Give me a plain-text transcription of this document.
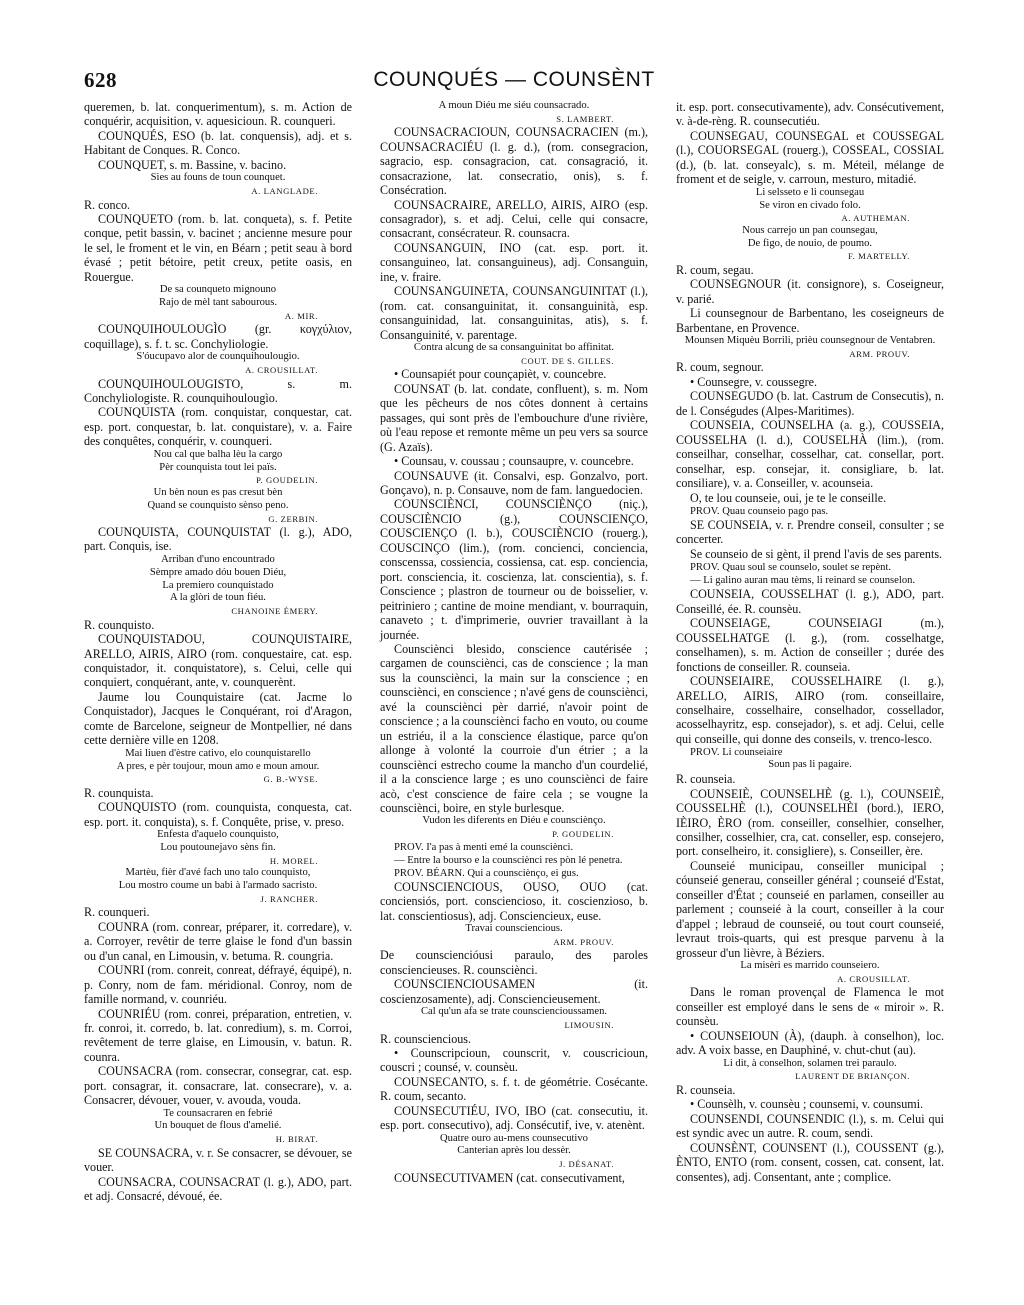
628	COUNQUÉS — COUNSÈNT

queremen, b. lat. conquerimentum), s. m. Action de conquérir, acquisition, v. aquesicioun. R. counqueri.

COUNQUÉS, ESO (b. lat. conquensis), adj. et s. Habitant de Conques. R. Conco.

COUNQUET, s. m. Bassine, v. bacino.

Sies au founs de toun counquet.

A. LANGLADE.

R. conco.

COUNQUETO (rom. b. lat. conqueta), s. f. Petite conque, petit bassin, v. bacinet ; ancienne mesure pour le sel, le froment et le vin, en Béarn ; petit seau à bord évasé ; petit bétoire, petit creux, petite oasis, en Rouergue.

De sa counqueto mignouno

Rajo de mèl tant sabourous.

A. MIR.

COUNQUIHOULOUGÌO (gr. κογχύλιον, coquillage), s. f. t. sc. Conchyliologie.

S'óucupavo alor de counquihoulougìo.

A. CROUSILLAT.

COUNQUIHOULOUGISTO, s. m. Conchyliologiste. R. counquihoulougìo.

COUNQUISTA (rom. conquistar, conquestar, cat. esp. port. conquestar, b. lat. conquistare), v. a. Faire des conquêtes, conquérir, v. counqueri.

Nou cal que balha lèu la cargo

Pèr counquista tout lei païs.

P. GOUDELIN.

Un bèn noun es pas cresut bèn

Quand se counquisto sènso peno.

G. ZERBIN.

COUNQUISTA, COUNQUISTAT (l. g.), ADO, part. Conquis, ise.

Arriban d'uno encountrado

Sèmpre amado dóu bouen Diéu,

La premiero counquistado

A la glòri de toun fiéu.

CHANOINE ÉMERY.

R. counquisto.

COUNQUISTADOU, COUNQUISTAIRE, ARELLO, AIRIS, AIRO (rom. conquestaire, cat. esp. conquistador, it. conquistatore), s. Celui, celle qui conquiert, conquérant, ante, v. counquerènt.

Jaume lou Counquistaire (cat. Jacme lo Conquistador), Jacques le Conquérant, roi d'Aragon, comte de Barcelone, seigneur de Montpellier, né dans cette dernière ville en 1208.

Mai liuen d'èstre cativo, elo counquistarello

A pres, e pèr toujour, moun amo e moun amour.

G. B.-WYSE.

R. counquista.

COUNQUISTO (rom. counquista, conquesta, cat. esp. port. it. conquista), s. f. Conquête, prise, v. preso.

Enfesta d'aquelo counquisto,

Lou poutounejavo sèns fin.

H. MOREL.

Martèu, fièr d'avé fach uno talo counquisto,

Lou mostro coume un babi à l'armado sacristo.

J. RANCHER.

R. counqueri.

COUNRA (rom. conrear, préparer, it. corredare), v. a. Corroyer, revêtir de terre glaise le fond d'un bassin ou d'un canal, en Limousin, v. betuma. R. coungria.

COUNRI (rom. conreit, conreat, défrayé, équipé), n. p. Conry, nom de fam. méridional. Conroy, nom de famille normand, v. counriéu.

COUNRIÉU (rom. conrei, préparation, entretien, v. fr. conroi, it. corredo, b. lat. conredium), s. m. Corroi, revêtement de terre glaise, en Limousin, v. batun. R. counra.

COUNSACRA (rom. consecrar, consegrar, cat. esp. port. consagrar, it. consacrare, lat. consecrare), v. a. Consacrer, dévouer, vouer, v. avouda, vouda.

Te counsacraren en febrié

Un bouquet de flous d'amelié.

H. BIRAT.

SE COUNSACRA, v. r. Se consacrer, se dévouer, se vouer.

COUNSACRA, COUNSACRAT (l. g.), ADO, part. et adj. Consacré, dévoué, ée.

A moun Diéu me siéu counsacrado.

S. LAMBERT.

COUNSACRACIOUN, COUNSACRACIEN (m.), COUNSACRACIÉU (l. g. d.), (rom. consegracion, sagracio, esp. consagracion, cat. consagració, it. consacrazione, lat. consecratio, onis), s. f. Consécration.

COUNSACRAIRE, ARELLO, AIRIS, AIRO (esp. consagrador), s. et adj. Celui, celle qui consacre, consacrant, consécrateur. R. counsacra.

COUNSANGUIN, INO (cat. esp. port. it. consanguineo, lat. consanguineus), adj. Consanguin, ine, v. fraire.

COUNSANGUINETA, COUNSANGUINITAT (l.), (rom. cat. consanguinitat, it. consanguinità, esp. consanguinidad, lat. consanguinitas, atis), s. f. Consanguinité, v. parentage.

Contra alcung de sa consanguinitat bo affinitat.

COUT. DE S. GILLES.

• Counsapiét pour counçapièt, v. councebre.

COUNSAT (b. lat. condate, confluent), s. m. Nom que les pêcheurs de nos côtes donnent à certains passages, qui sont près de l'embouchure d'une rivière, où l'eau repose et remonte même un peu vers sa source (G. Azaïs).

• Counsau, v. coussau ; counsaupre, v. councebre.

COUNSAUVE (it. Consalvi, esp. Gonzalvo, port. Gonçavo), n. p. Consauve, nom de fam. languedocien.

COUNSCIÈNCI, COUNSCIÈNÇO (niç.), COUSCIÈNCIO (g.), COUNSCIENÇO, COUSCIENÇO (l. b.), COUSCIÈNCIO (rouerg.), COUSCINÇO (lim.), (rom. concienci, conciencia, conscenssa, cossiencia, cossiensa, cat. esp. conciencia, port. consciencia, it. coscienza, lat. conscientia), s. f. Conscience ; plastron de tourneur ou de boisselier, v. peitriniero ; cantine de moine mendiant, v. bourraquin, canaveto ; t. d'imprimerie, ouvrier travaillant à la journée.

Counsciènci blesido, conscience cautérisée ; cargamen de counsciènci, cas de conscience ; la man sus la counsciènci, la main sur la conscience ; en counsciènci, en conscience ; n'avé gens de counsciènci, avé la counsciènci pèr darrié, n'avoir point de conscience ; a la counsciènci facho en vouto, ou coume un estriéu, il a la conscience élastique, parce qu'on allonge à volonté la courroie d'un étrier ; a la counsciènci estrecho coume la mancho d'un courdelié, il a la conscience large ; es uno counsciènci de faire acò, c'est conscience de faire cela ; se vougne la counsciènci, boire, en style burlesque.

Vudon les diferents en Diéu e counsciènço.

P. GOUDELIN.

PROV. I'a pas à menti emé la counsciènci.

— Entre la bourso e la counsciènci res pòn lé penetra.

PROV. BÉARN. Qui a counsciènço, ei gus.

COUNSCIENCIOUS, OUSO, OUO (cat. conciensiós, port. consciencioso, it. coscienzioso, b. lat. conscientiosus), adj. Consciencieux, euse.

Travai counsciencious.

ARM. PROUV.

De counsciencióusi paraulo, des paroles consciencieuses. R. counsciènci.

COUNSCIENCIOUSAMEN (it. coscienzosamente), adj. Consciencieusement.

Cal qu'un afa se trate counsciencioussamen.

LIMOUSIN.

R. counsciencious.

• Counscripcioun, counscrit, v. couscricioun, couscri ; counsé, v. counsèu.

COUNSECANTO, s. f. t. de géométrie. Cosécante. R. coum, secanto.

COUNSECUTIÉU, IVO, IBO (cat. consecutiu, it. esp. port. consecutivo), adj. Consécutif, ive, v. atenènt.

Quatre ouro au-mens counsecutivo

Canterian après lou dessèr.

J. DÉSANAT.

COUNSECUTIVAMEN (cat. consecutivament,

it. esp. port. consecutivamente), adv. Consécutivement, v. à-de-rèng. R. counsecutiéu.

COUNSEGAU, COUNSEGAL et COUSSEGAL (l.), COUORSEGAL (rouerg.), COSSEAL, COSSIAL (d.), (b. lat. conseyalc), s. m. Méteil, mélange de froment et de seigle, v. carroun, mesturo, mitadié.

Li selsseto e li counsegau

Se viron en civado folo.

A. AUTHEMAN.

Nous carrejo un pan counsegau,

De figo, de nouio, de poumo.

F. MARTELLY.

R. coum, segau.

COUNSEGNOUR (it. consignore), s. Coseigneur, v. parié.

Li counsegnour de Barbentano, les coseigneurs de Barbentane, en Provence.

Mounsen Miquèu Borrili, prièu counsegnour de Ventabren.

ARM. PROUV.

R. coum, segnour.

• Counsegre, v. coussegre.

COUNSEGUDO (b. lat. Castrum de Consecutis), n. de l. Conségudes (Alpes-Maritimes).

COUNSEIA, COUNSELHA (a. g.), COUSSEIA, COUSSELHA (l. d.), COUSELHÀ (lim.), (rom. conseilhar, conselhar, cosselhar, cat. consellar, port. conselhar, esp. consejar, it. consigliare, b. lat. consiliare), v. a. Conseiller, v. acounseia.

O, te lou counseie, oui, je te le conseille.

PROV. Quau counseio pago pas.

SE COUNSEIA, v. r. Prendre conseil, consulter ; se concerter.

Se counseio de si gènt, il prend l'avis de ses parents.

PROV. Quau soul se counselo, soulet se repènt.

— Li galino auran mau tèms, li reinard se counselon.

COUNSEIA, COUSSELHAT (l. g.), ADO, part. Conseillé, ée. R. counsèu.

COUNSEIAGE, COUNSEIAGI (m.), COUSSELHATGE (l. g.), (rom. cosselhatge, conselhamen), s. m. Action de conseiller ; durée des fonctions de conseiller. R. counseia.

COUNSEIAIRE, COUSSELHAIRE (l. g.), ARELLO, AIRIS, AIRO (rom. conseillaire, conselhaire, cosselhaire, conselhador, cossellador, acosselhayritz, esp. consejador), s. et adj. Celui, celle qui conseille, qui donne des conseils, v. trenco-lesco.

PROV. Li counseiaire

Soun pas li pagaire.

R. counseia.

COUNSEIÈ, COUNSELHÈ (g. l.), COUNSEIÈ, COUSSELHÈ (l.), COUNSELHÈI (bord.), IERO, IÈIRO, ÈRO (rom. conseiller, conselhier, conselher, consilher, cosselhier, cra, cat. conseller, esp. consejero, port. conselheiro, it. consigliere), s. Conseiller, ère.

Counseié municipau, conseiller municipal ; cóunseié generau, conseiller général ; counseié d'Estat, conseiller d'État ; counseié en parlamen, conseiller au parlement ; counseié à la court, conseiller à la cour d'appel ; lebraud de counseié, ou tout court counseié, levraut trois-quarts, qui est presque parvenu à la grosseur d'un lièvre, à Béziers.

La misèri es marrido counseiero.

A. CROUSILLAT.

Dans le roman provençal de Flamenca le mot conseiller est employé dans le sens de « miroir ». R. counsèu.

• COUNSEIOUN (À), (dauph. à conselhon), loc. adv. A voix basse, en Dauphiné, v. chut-chut (au).

Li dit, à conselhon, solamen trei paraulo.

LAURENT DE BRIANÇON.

R. counseia.

• Counsèlh, v. counsèu ; counsemi, v. counsumi.

COUNSENDI, COUNSENDIC (l.), s. m. Celui qui est syndic avec un autre. R. coum, sendi.

COUNSÈNT, COUNSENT (l.), COUSSENT (g.), ÈNTO, ENTO (rom. consent, cossen, cat. consent, lat. consentes), adj. Consentant, ante ; complice.
